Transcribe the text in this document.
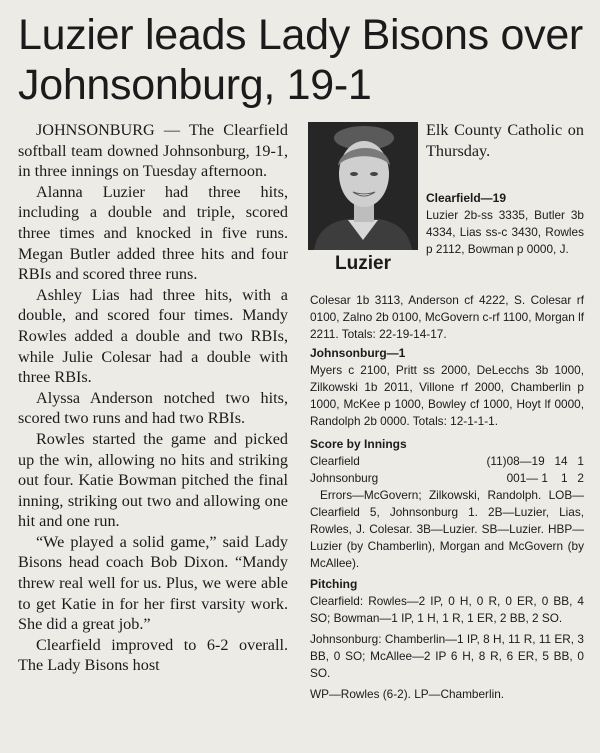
Luzier leads Lady Bisons over Johnsonburg, 19-1

JOHNSONBURG — The Clearfield softball team downed Johnsonburg, 19-1, in three innings on Tuesday afternoon.

Alanna Luzier had three hits, including a double and triple, scored three times and knocked in five runs. Megan Butler added three hits and four RBIs and scored three runs.

Ashley Lias had three hits, with a double, and scored four times. Mandy Rowles added a double and two RBIs, while Julie Colesar had a double with three RBIs.

Alyssa Anderson notched two hits, scored two runs and had two RBIs.

Rowles started the game and picked up the win, allowing no hits and striking out four. Katie Bowman pitched the final inning, striking out two and allowing one hit and one run.

“We played a solid game,” said Lady Bisons head coach Bob Dixon. “Mandy threw real well for us. Plus, we were able to get Katie in for her first varsity work. She did a great job.”

Clearfield improved to 6-2 overall. The Lady Bisons host

Luzier

Elk County Catholic on Thursday.

Clearfield—19

Luzier 2b-ss 3335, Butler 3b 4334, Lias ss-c 3430, Rowles p 2112, Bowman p 0000, J.

Colesar 1b 3113, Anderson cf 4222, S. Colesar rf 0100, Zalno 2b 0100, McGovern c-rf 1100, Morgan lf 2211. Totals: 22-19-14-17.

Johnsonburg—1

Myers c 2100, Pritt ss 2000, DeLecchs 3b 1000, Zilkowski 1b 2011, Villone rf 2000, Chamberlin p 1000, McKee p 1000, Bowley cf 1000, Hoyt lf 0000, Randolph 2b 0000. Totals: 12-1-1-1.

Score by Innings

Clearfield	(11)08—19   14   1
Johnsonburg	001— 1    1   2

Errors—McGovern; Zilkowski, Randolph. LOB—Clearfield 5, Johnsonburg 1. 2B—Luzier, Lias, Rowles, J. Colesar. 3B—Luzier. SB—Luzier. HBP—Luzier (by Chamberlin), Morgan and McGovern (by McAllee).

Pitching

Clearfield: Rowles—2 IP, 0 H, 0 R, 0 ER, 0 BB, 4 SO; Bowman—1 IP, 1 H, 1 R, 1 ER, 2 BB, 2 SO.

Johnsonburg: Chamberlin—1 IP, 8 H, 11 R, 11 ER, 3 BB, 0 SO; McAllee—2 IP 6 H, 8 R, 6 ER, 5 BB, 0 SO.

WP—Rowles (6-2). LP—Chamberlin.
